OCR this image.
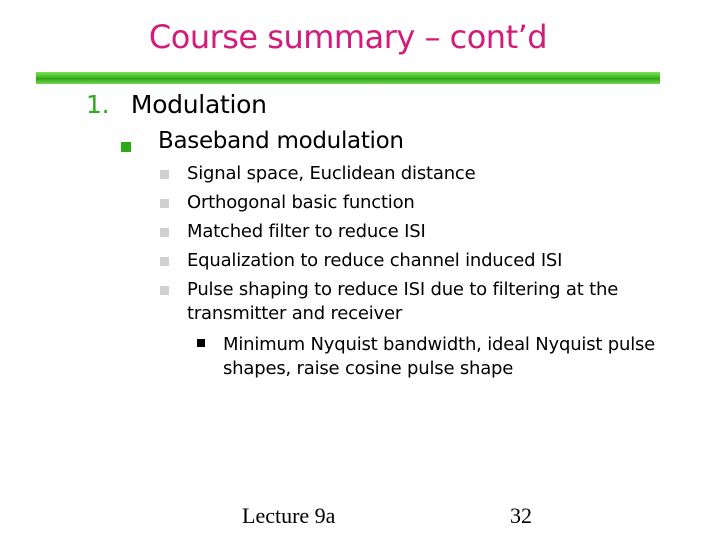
Course summary – cont’d
1. Modulation
Baseband modulation
Signal space, Euclidean distance
Orthogonal basic function
Matched filter to reduce ISI
Equalization to reduce channel induced ISI
Pulse shaping to reduce ISI due to filtering at the transmitter and receiver
Minimum Nyquist bandwidth, ideal Nyquist pulse shapes, raise cosine pulse shape
Lecture 9a	32
